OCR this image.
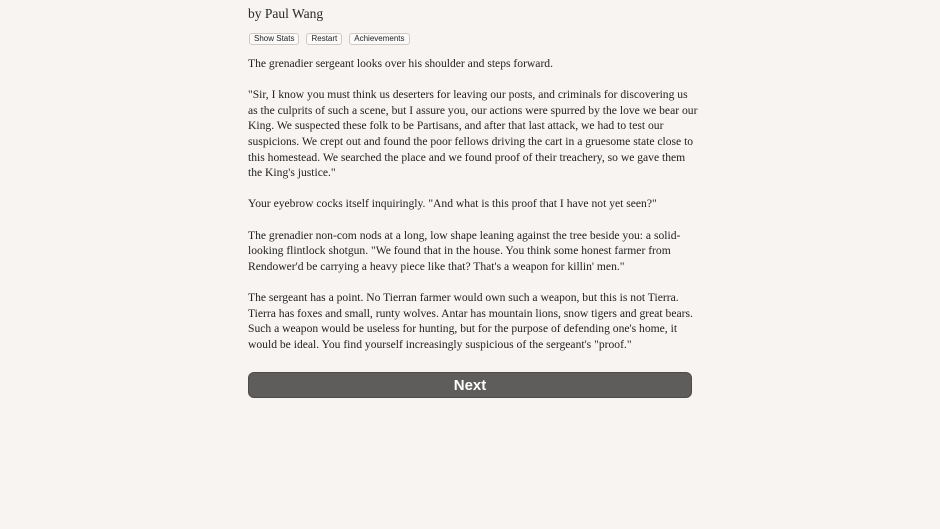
by Paul Wang
Show Stats	Restart	Achievements

The grenadier sergeant looks over his shoulder and steps forward.

"Sir, I know you must think us deserters for leaving our posts, and criminals for discovering us as the culprits of such a scene, but I assure you, our actions were spurred by the love we bear our King. We suspected these folk to be Partisans, and after that last attack, we had to test our suspicions. We crept out and found the poor fellows driving the cart in a gruesome state close to this homestead. We searched the place and we found proof of their treachery, so we gave them the King's justice."

Your eyebrow cocks itself inquiringly. "And what is this proof that I have not yet seen?"

The grenadier non-com nods at a long, low shape leaning against the tree beside you: a solid-looking flintlock shotgun. "We found that in the house. You think some honest farmer from Rendower'd be carrying a heavy piece like that? That's a weapon for killin' men."

The sergeant has a point. No Tierran farmer would own such a weapon, but this is not Tierra. Tierra has foxes and small, runty wolves. Antar has mountain lions, snow tigers and great bears. Such a weapon would be useless for hunting, but for the purpose of defending one's home, it would be ideal. You find yourself increasingly suspicious of the sergeant's "proof."

Next
